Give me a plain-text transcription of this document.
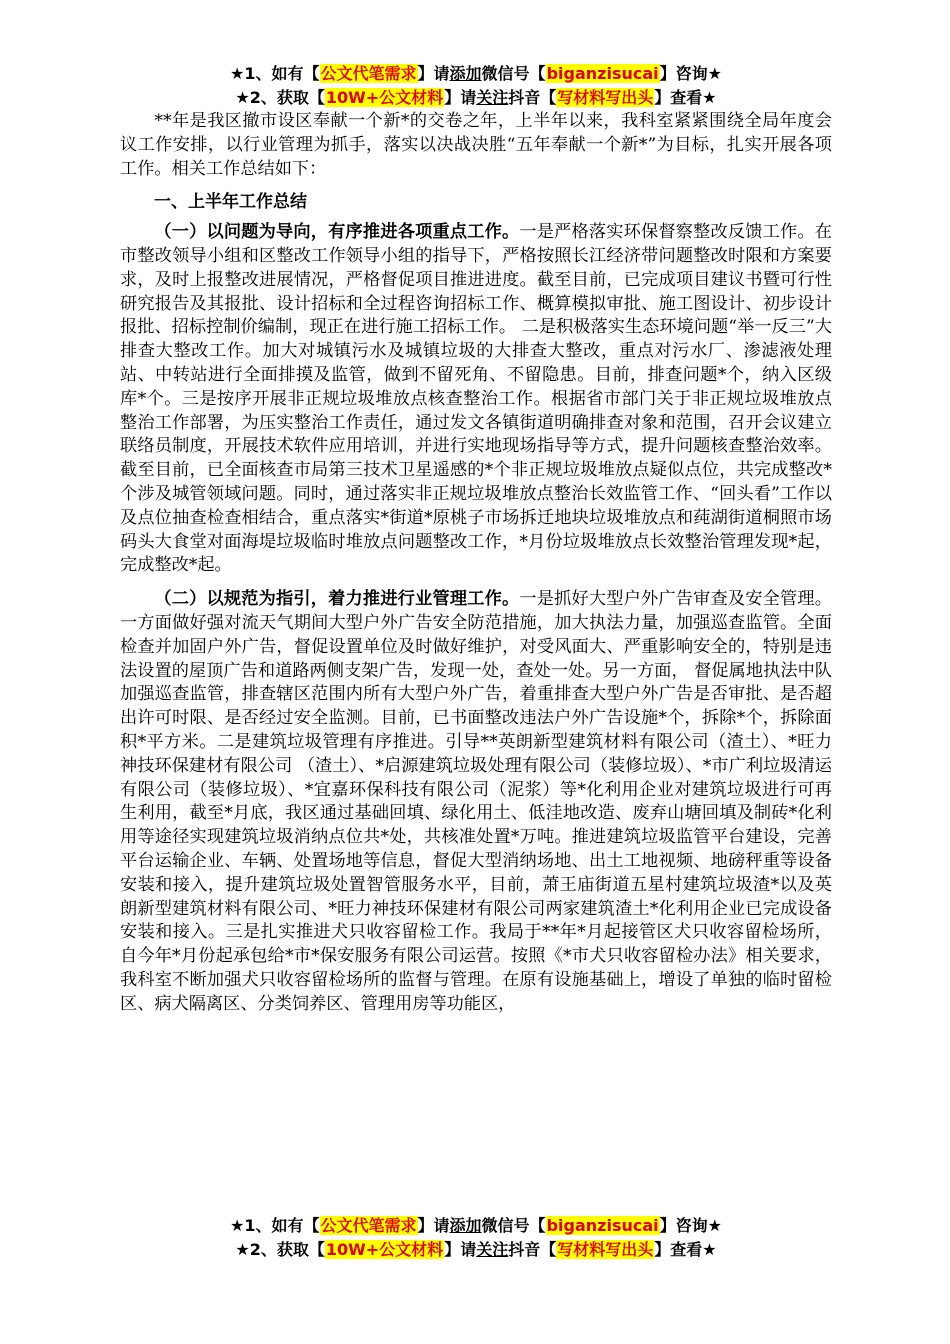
★1、如有【公文代笔需求】请添加微信号【biganzisucai】咨询★

★2、获取【10W+公文材料】请关注抖音【写材料写出头】查看★

**年是我区撤市设区奉献一个新*的交卷之年，上半年以来，我科室紧紧围绕全局年度会议工作安排，以行业管理为抓手，落实以决战决胜“五年奉献一个新*”为目标，扎实开展各项工作。相关工作总结如下：

一、上半年工作总结

（一）以问题为导向，有序推进各项重点工作。一是严格落实环保督察整改反馈工作。在市整改领导小组和区整改工作领导小组的指导下，严格按照长江经济带问题整改时限和方案要求，及时上报整改进展情况，严格督促项目推进进度。截至目前，已完成项目建议书暨可行性研究报告及其报批、设计招标和全过程咨询招标工作、概算模拟审批、施工图设计、初步设计报批、招标控制价编制，现正在进行施工招标工作。 二是积极落实生态环境问题“举一反三”大排查大整改工作。加大对城镇污水及城镇垃圾的大排查大整改，重点对污水厂、渗滤液处理站、中转站进行全面排摸及监管，做到不留死角、不留隐患。目前，排查问题*个，纳入区级库*个。三是按序开展非正规垃圾堆放点核查整治工作。根据省市部门关于非正规垃圾堆放点整治工作部署，为压实整治工作责任，通过发文各镇街道明确排查对象和范围，召开会议建立联络员制度，开展技术软件应用培训，并进行实地现场指导等方式，提升问题核查整治效率。截至目前，已全面核查市局第三技术卫星遥感的*个非正规垃圾堆放点疑似点位，共完成整改*个涉及城管领域问题。同时，通过落实非正规垃圾堆放点整治长效监管工作、“回头看”工作以及点位抽查检查相结合，重点落实*街道*原桃子市场拆迁地块垃圾堆放点和莼湖街道桐照市场码头大食堂对面海堤垃圾临时堆放点问题整改工作，*月份垃圾堆放点长效整治管理发现*起，完成整改*起。

（二）以规范为指引，着力推进行业管理工作。一是抓好大型户外广告审查及安全管理。一方面做好强对流天气期间大型户外广告安全防范措施，加大执法力量，加强巡查监管。全面检查并加固户外广告，督促设置单位及时做好维护，对受风面大、严重影响安全的，特别是违法设置的屋顶广告和道路两侧支架广告，发现一处，查处一处。另一方面， 督促属地执法中队加强巡查监管，排查辖区范围内所有大型户外广告，着重排查大型户外广告是否审批、是否超出许可时限、是否经过安全监测。目前，已书面整改违法户外广告设施*个，拆除*个，拆除面积*平方米。二是建筑垃圾管理有序推进。引导**英朗新型建筑材料有限公司（渣土）、*旺力神技环保建材有限公司 （渣土）、*启源建筑垃圾处理有限公司（装修垃圾）、*市广利垃圾清运有限公司（装修垃圾）、*宜嘉环保科技有限公司（泥浆）等*化利用企业对建筑垃圾进行可再生利用，截至*月底，我区通过基础回填、绿化用土、低洼地改造、废弃山塘回填及制砖*化利用等途径实现建筑垃圾消纳点位共*处，共核准处置*万吨。推进建筑垃圾监管平台建设，完善平台运输企业、车辆、处置场地等信息，督促大型消纳场地、出土工地视频、地磅秤重等设备安装和接入，提升建筑垃圾处置智管服务水平，目前，萧王庙街道五星村建筑垃圾渣*以及英朗新型建筑材料有限公司、*旺力神技环保建材有限公司两家建筑渣土*化利用企业已完成设备安装和接入。三是扎实推进犬只收容留检工作。我局于**年*月起接管区犬只收容留检场所，自今年*月份起承包给*市*保安服务有限公司运营。按照《*市犬只收容留检办法》相关要求，我科室不断加强犬只收容留检场所的监督与管理。在原有设施基础上，增设了单独的临时留检区、病犬隔离区、分类饲养区、管理用房等功能区，

★1、如有【公文代笔需求】请添加微信号【biganzisucai】咨询★

★2、获取【10W+公文材料】请关注抖音【写材料写出头】查看★
